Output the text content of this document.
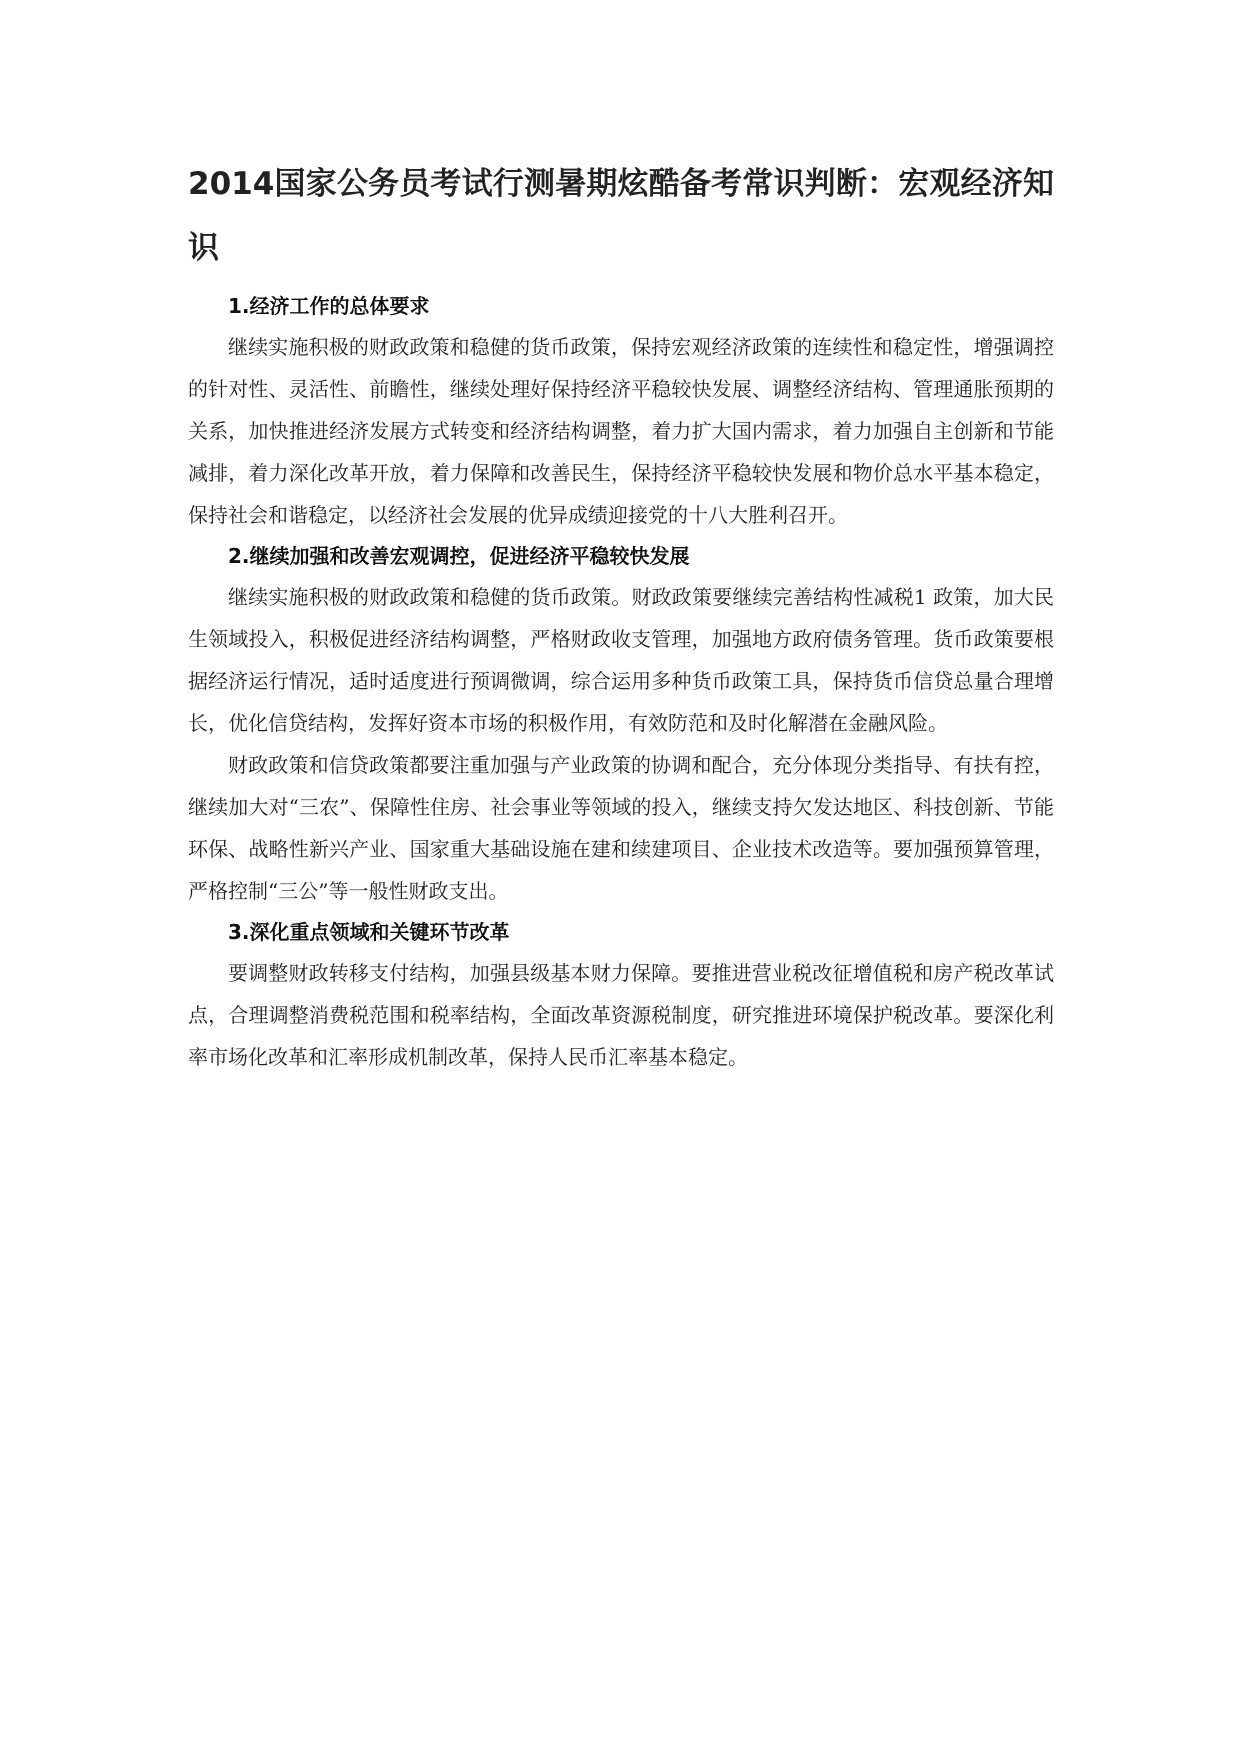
2014国家公务员考试行测暑期炫酷备考常识判断：宏观经济知识
1.经济工作的总体要求

继续实施积极的财政政策和稳健的货币政策，保持宏观经济政策的连续性和稳定性，增强调控的针对性、灵活性、前瞻性，继续处理好保持经济平稳较快发展、调整经济结构、管理通胀预期的关系，加快推进经济发展方式转变和经济结构调整，着力扩大国内需求，着力加强自主创新和节能减排，着力深化改革开放，着力保障和改善民生，保持经济平稳较快发展和物价总水平基本稳定，保持社会和谐稳定，以经济社会发展的优异成绩迎接党的十八大胜利召开。

2.继续加强和改善宏观调控，促进经济平稳较快发展

继续实施积极的财政政策和稳健的货币政策。财政政策要继续完善结构性减税1 政策，加大民生领域投入，积极促进经济结构调整，严格财政收支管理，加强地方政府债务管理。货币政策要根据经济运行情况，适时适度进行预调微调，综合运用多种货币政策工具，保持货币信贷总量合理增长，优化信贷结构，发挥好资本市场的积极作用，有效防范和及时化解潜在金融风险。

财政政策和信贷政策都要注重加强与产业政策的协调和配合，充分体现分类指导、有扶有控，继续加大对“三农”、保障性住房、社会事业等领域的投入，继续支持欠发达地区、科技创新、节能环保、战略性新兴产业、国家重大基础设施在建和续建项目、企业技术改造等。要加强预算管理，严格控制“三公”等一般性财政支出。

3.深化重点领域和关键环节改革

要调整财政转移支付结构，加强县级基本财力保障。要推进营业税改征增值税和房产税改革试点，合理调整消费税范围和税率结构，全面改革资源税制度，研究推进环境保护税改革。要深化利率市场化改革和汇率形成机制改革，保持人民币汇率基本稳定。
